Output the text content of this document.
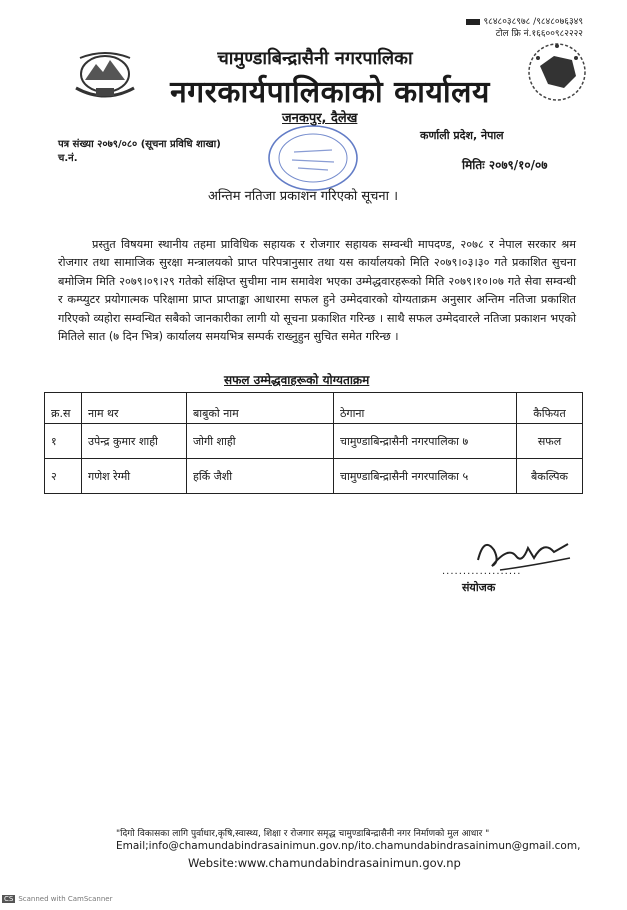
९८४८०३८९७८ /९८४८०७६३४९
टोल फ्रि नं.१६६००९८२२२२
चामुण्डाबिन्द्रासैनी नगरपालिका
नगरकार्यपालिकाको कार्यालय
जनकपुर, दैलेख
पत्र संख्या २०७९/०८० (सूचना प्रविधि शाखा)
च.नं.
कर्णाली प्रदेश, नेपाल
मितिः २०७९/१०/०७
अन्तिम नतिजा प्रकाशन गरिएको सूचना ।
प्रस्तुत विषयमा स्थानीय तहमा प्राविधिक सहायक र रोजगार सहायक सम्वन्धी मापदण्ड, २०७८ र नेपाल सरकार श्रम रोजगार तथा सामाजिक सुरक्षा मन्त्रालयको प्राप्त परिपत्रानुसार तथा यस कार्यालयको मिति २०७९।०३।३० गते प्रकाशित सुचना बमोजिम मिति २०७९।०९।२९ गतेको संक्षिप्त सुचीमा नाम समावेश भएका उम्मेद्धवारहरूको मिति २०७९।१०।०७ गते सेवा सम्वन्धी र कम्प्युटर प्रयोगात्मक परिक्षामा प्राप्त प्राप्ताङ्का आधारमा सफल हुने उम्मेदवारको योग्यताक्रम अनुसार अन्तिम नतिजा प्रकाशित गरिएको व्यहोरा सम्वन्धित सबैको जानकारीका लागी यो सूचना प्रकाशित गरिन्छ । साथै सफल उम्मेदवारले नतिजा प्रकाशन भएको मितिले सात (७ दिन भित्र) कार्यालय समयभित्र सम्पर्क राख्नुहुन सुचित समेत गरिन्छ ।
सफल उम्मेद्धवाहरूको योग्यताक्रम
क्र.स	नाम थर	बाबुको नाम	ठेगाना	कैफियत
१	उपेन्द्र कुमार शाही	जोगी शाही	चामुण्डाबिन्द्रासैनी नगरपालिका ७	सफल
२	गणेश रेग्मी	हर्कि जैशी	चामुण्डाबिन्द्रासैनी नगरपालिका ५	बैकल्पिक
...................
संयोजक
"दिगो विकासका लागि पुर्वाधार,कृषि,स्वास्थ्य, शिक्षा र रोजगार समृद्ध चामुण्डाबिन्द्रासैनी नगर निर्माणको मुल आधार "
Email;info@chamundabindrasainimun.gov.np/ito.chamundabindrasainimun@gmail.com,
Website:www.chamundabindrasainimun.gov.np
CS Scanned with CamScanner
